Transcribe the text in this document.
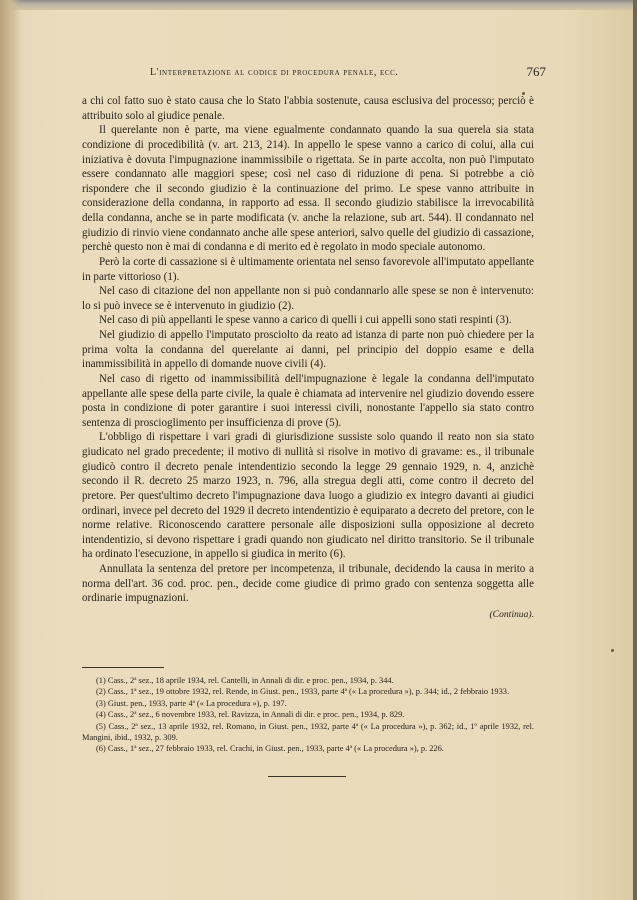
L'interpretazione al codice di procedura penale, ecc.	767

a chi col fatto suo è stato causa che lo Stato l'abbia sostenute, causa esclusiva del processo; perciò è attribuito solo al giudice penale.

Il querelante non è parte, ma viene egualmente condannato quando la sua querela sia stata condizione di procedibilità (v. art. 213, 214). In appello le spese vanno a carico di colui, alla cui iniziativa è dovuta l'impugnazione inammissibile o rigettata. Se in parte accolta, non può l'imputato essere condannato alle maggiori spese; così nel caso di riduzione di pena. Si potrebbe a ciò rispondere che il secondo giudizio è la continuazione del primo. Le spese vanno attribuite in considerazione della condanna, in rapporto ad essa. Il secondo giudizio stabilisce la irrevocabilità della condanna, anche se in parte modificata (v. anche la relazione, sub art. 544). Il condannato nel giudizio di rinvio viene condannato anche alle spese anteriori, salvo quelle del giudizio di cassazione, perchè questo non è mai di condanna e di merito ed è regolato in modo speciale autonomo.

Però la corte di cassazione si è ultimamente orientata nel senso favorevole all'imputato appellante in parte vittorioso (1).

Nel caso di citazione del non appellante non si può condannarlo alle spese se non è intervenuto: lo si può invece se è intervenuto in giudizio (2).

Nel caso di più appellanti le spese vanno a carico di quelli i cui appelli sono stati respinti (3).

Nel giudizio di appello l'imputato prosciolto da reato ad istanza di parte non può chiedere per la prima volta la condanna del querelante ai danni, pel principio del doppio esame e della inammissibilità in appello di domande nuove civili (4).

Nel caso di rigetto od inammissibilità dell'impugnazione è legale la condanna dell'imputato appellante alle spese della parte civile, la quale è chiamata ad intervenire nel giudizio dovendo essere posta in condizione di poter garantire i suoi interessi civili, nonostante l'appello sia stato contro sentenza di proscioglimento per insufficienza di prove (5).

L'obbligo di rispettare i vari gradi di giurisdizione sussiste solo quando il reato non sia stato giudicato nel grado precedente; il motivo di nullità si risolve in motivo di gravame: es., il tribunale giudicò contro il decreto penale intendentizio secondo la legge 29 gennaio 1929, n. 4, anzichè secondo il R. decreto 25 marzo 1923, n. 796, alla stregua degli atti, come contro il decreto del pretore. Per quest'ultimo decreto l'impugnazione dava luogo a giudizio ex integro davanti ai giudici ordinari, invece pel decreto del 1929 il decreto intendentizio è equiparato a decreto del pretore, con le norme relative. Riconoscendo carattere personale alle disposizioni sulla opposizione al decreto intendentizio, si devono rispettare i gradi quando non giudicato nel diritto transitorio. Se il tribunale ha ordinato l'esecuzione, in appello si giudica in merito (6).

Annullata la sentenza del pretore per incompetenza, il tribunale, decidendo la causa in merito a norma dell'art. 36 cod. proc. pen., decide come giudice di primo grado con sentenza soggetta alle ordinarie impugnazioni.

(Continua).

(1) Cass., 2ª sez., 18 aprile 1934, rel. Cantelli, in Annali di dir. e proc. pen., 1934, p. 344.

(2) Cass., 1ª sez., 19 ottobre 1932, rel. Rende, in Giust. pen., 1933, parte 4ª (« La procedura »), p. 344; id., 2 febbraio 1933.

(3) Giust. pen., 1933, parte 4ª (« La procedura »), p. 197.

(4) Cass., 2ª sez., 6 novembre 1933, rel. Ravizza, in Annali di dir. e proc. pen., 1934, p. 829.

(5) Cass., 2ª sez., 13 aprile 1932, rel. Romano, in Giust. pen., 1932, parte 4ª (« La procedura »), p. 362; id., 1º aprile 1932, rel. Mangini, ibid., 1932, p. 309.

(6) Cass., 1ª sez., 27 febbraio 1933, rel. Crachi, in Giust. pen., 1933, parte 4ª (« La procedura »), p. 226.
